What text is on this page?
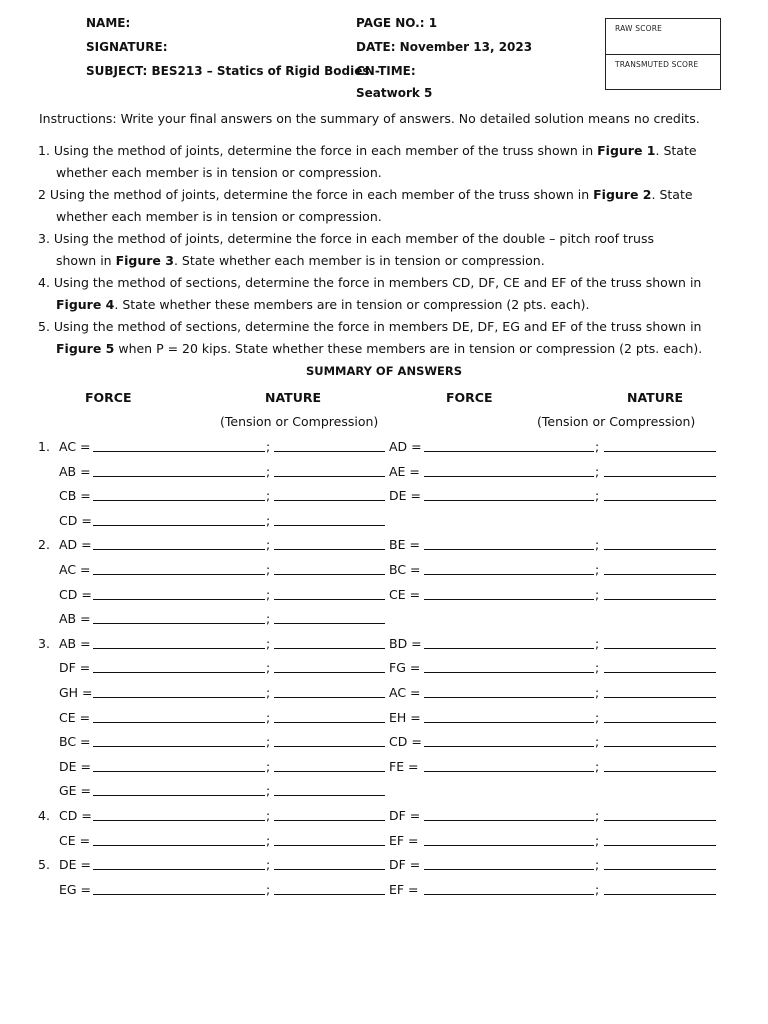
NAME:
SIGNATURE:
SUBJECT: BES213 – Statics of Rigid Bodies
PAGE NO.: 1
DATE: November 13, 2023
CN-TIME:
Seatwork 5
RAW SCORE
TRANSMUTED SCORE
Instructions: Write your final answers on the summary of answers. No detailed solution means no credits.
1. Using the method of joints, determine the force in each member of the truss shown in Figure 1. State
whether each member is in tension or compression.
2 Using the method of joints, determine the force in each member of the truss shown in Figure 2. State
whether each member is in tension or compression.
3. Using the method of joints, determine the force in each member of the double – pitch roof truss
shown in Figure 3. State whether each member is in tension or compression.
4. Using the method of sections, determine the force in members CD, DF, CE and EF of the truss shown in
Figure 4. State whether these members are in tension or compression (2 pts. each).
5. Using the method of sections, determine the force in members DE, DF, EG and EF of the truss shown in
Figure 5 when P = 20 kips. State whether these members are in tension or compression (2 pts. each).
SUMMARY OF ANSWERS
FORCE	NATURE	FORCE	NATURE
(Tension or Compression)	(Tension or Compression)
1. AC =	;	AD =	;
AB =	;	AE =	;
CB =	;	DE =	;
CD =	;
2. AD =	;	BE =	;
AC =	;	BC =	;
CD =	;	CE =	;
AB =	;
3. AB =	;	BD =	;
DF =	;	FG =	;
GH =	;	AC =	;
CE =	;	EH =	;
BC =	;	CD =	;
DE =	;	FE =	;
GE =	;
4. CD =	;	DF =	;
CE =	;	EF =	;
5. DE =	;	DF =	;
EG =	;	EF =	;
